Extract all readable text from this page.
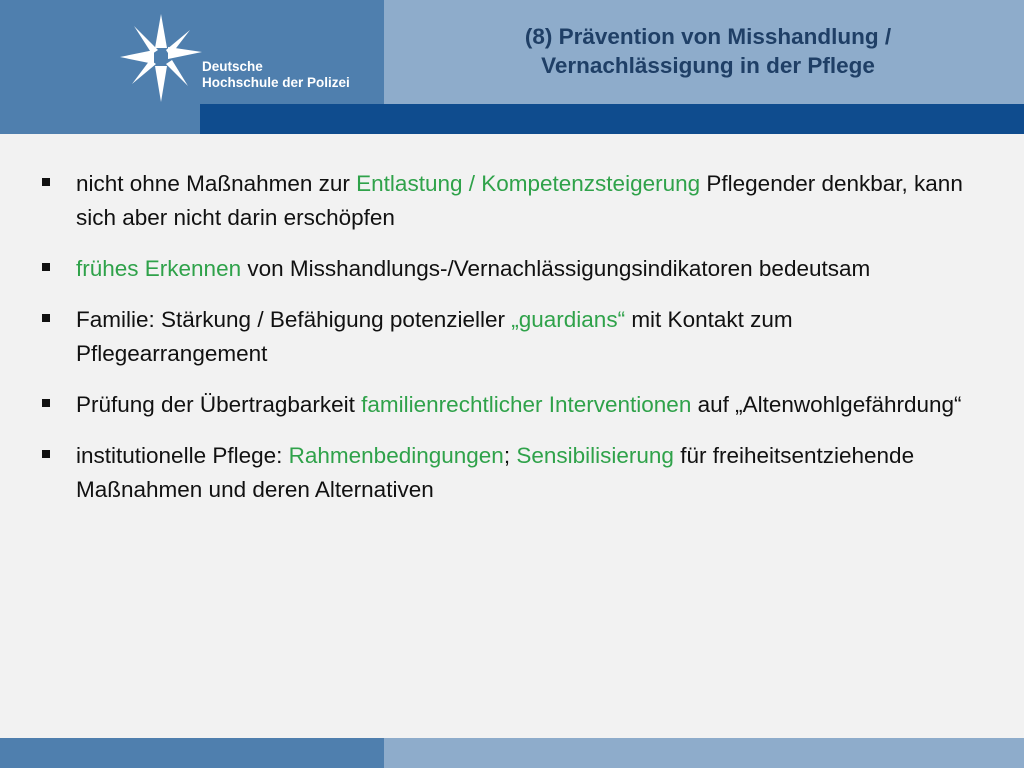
Deutsche
Hochschule der Polizei
(8) Prävention von Misshandlung /
Vernachlässigung in der Pflege
nicht ohne Maßnahmen zur Entlastung / Kompetenzsteigerung Pflegender denkbar, kann sich aber nicht darin erschöpfen
frühes Erkennen von Misshandlungs-/Vernachlässigungsindikatoren bedeutsam
Familie: Stärkung / Befähigung potenzieller „guardians“ mit Kontakt zum Pflegearrangement
Prüfung der Übertragbarkeit familienrechtlicher Interventionen auf „Altenwohlgefährdung“
institutionelle Pflege: Rahmenbedingungen; Sensibilisierung für freiheitsentziehende Maßnahmen und deren Alternativen
